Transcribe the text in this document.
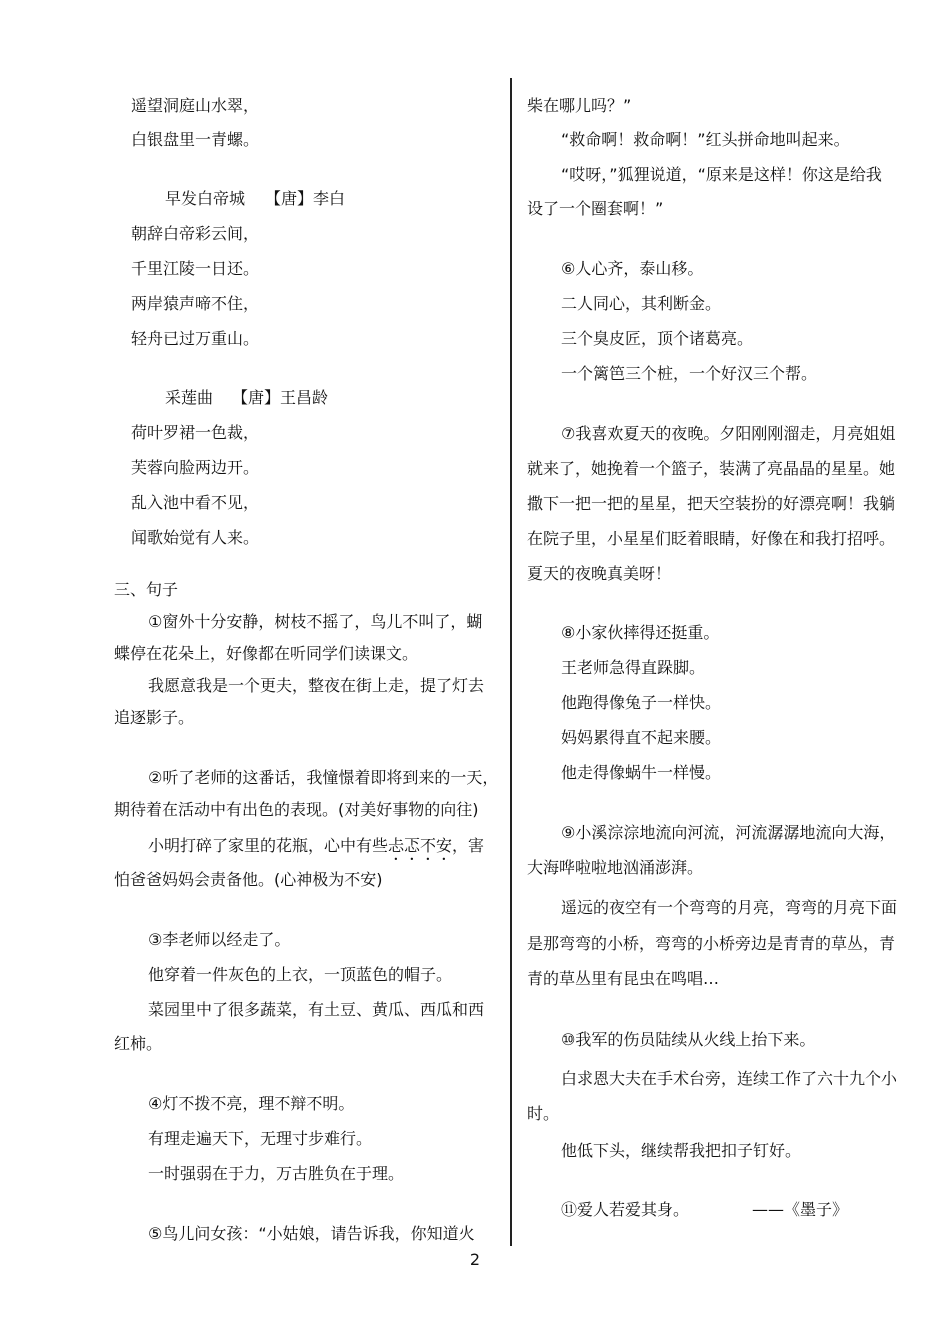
遥望洞庭山水翠，
白银盘里一青螺。
早发白帝城 【唐】李白
朝辞白帝彩云间，
千里江陵一日还。
两岸猿声啼不住，
轻舟已过万重山。
采莲曲 【唐】王昌龄
荷叶罗裙一色裁，
芙蓉向脸两边开。
乱入池中看不见，
闻歌始觉有人来。
三、句子
①窗外十分安静，树枝不摇了，鸟儿不叫了，蝴
蝶停在花朵上，好像都在听同学们读课文。
我愿意我是一个更夫，整夜在街上走，提了灯去
追逐影子。
②听了老师的这番话，我憧憬着即将到来的一天，
期待着在活动中有出色的表现。(对美好事物的向往)
小明打碎了家里的花瓶，心中有些忐忑不安，害
怕爸爸妈妈会责备他。(心神极为不安)
③李老师以经走了。
他穿着一件灰色的上衣，一顶蓝色的帽子。
菜园里中了很多蔬菜，有土豆、黄瓜、西瓜和西
红柿。
④灯不拨不亮，理不辩不明。
有理走遍天下，无理寸步难行。
一时强弱在于力，万古胜负在于理。
⑤鸟儿问女孩：“小姑娘，请告诉我，你知道火
柴在哪儿吗？”
“救命啊！救命啊！”红头拼命地叫起来。
“哎呀，”狐狸说道，“原来是这样！你这是给我
设了一个圈套啊！”
⑥人心齐，泰山移。
二人同心，其利断金。
三个臭皮匠，顶个诸葛亮。
一个篱笆三个桩，一个好汉三个帮。
⑦我喜欢夏天的夜晚。夕阳刚刚溜走，月亮姐姐
就来了，她挽着一个篮子，装满了亮晶晶的星星。她
撒下一把一把的星星，把天空装扮的好漂亮啊！我躺
在院子里，小星星们眨着眼睛，好像在和我打招呼。
夏天的夜晚真美呀！
⑧小家伙摔得还挺重。
王老师急得直跺脚。
他跑得像兔子一样快。
妈妈累得直不起来腰。
他走得像蜗牛一样慢。
⑨小溪淙淙地流向河流，河流潺潺地流向大海，
大海哗啦啦地汹涌澎湃。
遥远的夜空有一个弯弯的月亮，弯弯的月亮下面
是那弯弯的小桥，弯弯的小桥旁边是青青的草丛，青
青的草丛里有昆虫在鸣唱…
⑩我军的伤员陆续从火线上抬下来。
白求恩大夫在手术台旁，连续工作了六十九个小
时。
他低下头，继续帮我把扣子钉好。
⑪爱人若爱其身。	——《墨子》
2
